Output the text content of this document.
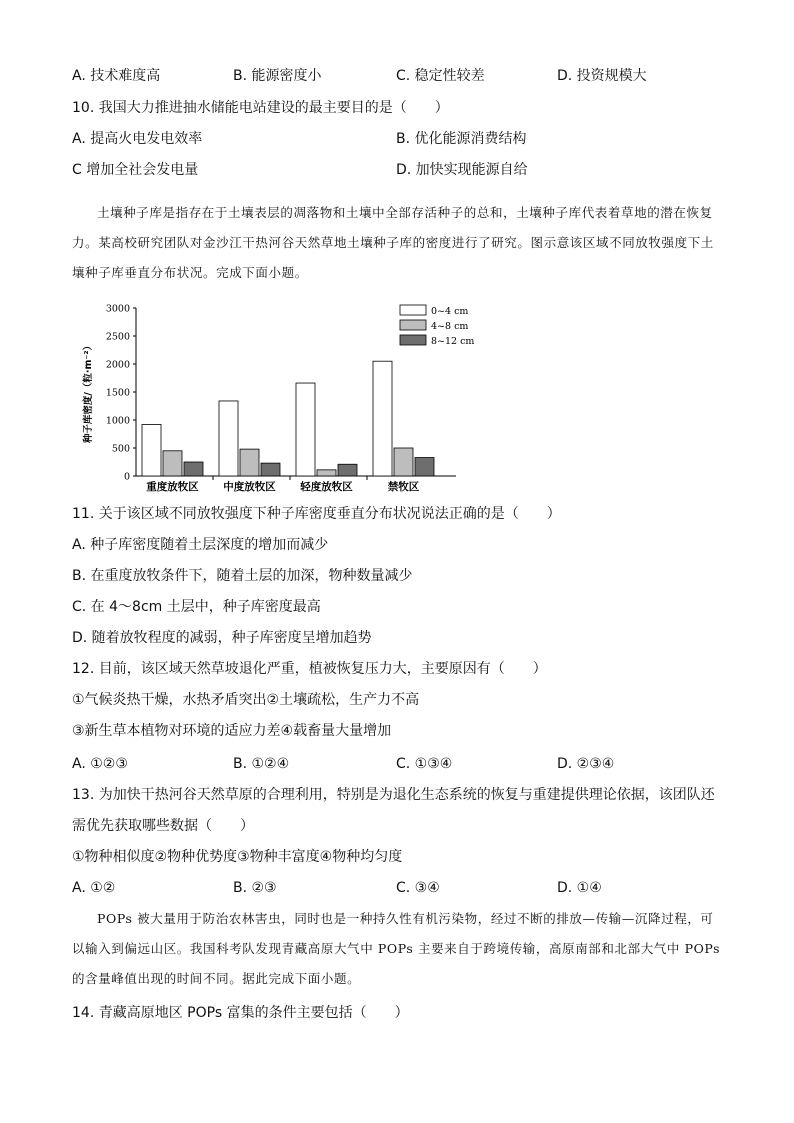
A. 技术难度高	B. 能源密度小	C. 稳定性较差	D. 投资规模大
10. 我国大力推进抽水储能电站建设的最主要目的是（　　）
A. 提高火电发电效率	B. 优化能源消费结构
C 增加全社会发电量	D. 加快实现能源自给

土壤种子库是指存在于土壤表层的凋落物和土壤中全部存活种子的总和，土壤种子库代表着草地的潜在恢复力。某高校研究团队对金沙江干热河谷天然草地土壤种子库的密度进行了研究。图示意该区域不同放牧强度下土壤种子库垂直分布状况。完成下面小题。

0
500
1000
1500
2000
2500
3000
重度放牧区 中度放牧区 轻度放牧区	禁牧区
0~4 cm
4~8 cm
8~12 cm
种子库密度/（粒·m⁻²）
11. 关于该区域不同放牧强度下种子库密度垂直分布状况说法正确的是（　　）
A. 种子库密度随着土层深度的增加而减少
B. 在重度放牧条件下，随着土层的加深，物种数量减少
C. 在 4～8cm 土层中，种子库密度最高
D. 随着放牧程度的减弱，种子库密度呈增加趋势
12. 目前，该区域天然草坡退化严重，植被恢复压力大，主要原因有（　　）
①气候炎热干燥，水热矛盾突出②土壤疏松，生产力不高
③新生草本植物对环境的适应力差④载畜量大量增加
A. ①②③	B. ①②④	C. ①③④	D. ②③④
13. 为加快干热河谷天然草原的合理利用，特别是为退化生态系统的恢复与重建提供理论依据，该团队还
需优先获取哪些数据（　　）
①物种相似度②物种优势度③物种丰富度④物种均匀度
A. ①②	B. ②③	C. ③④	D. ①④

POPs 被大量用于防治农林害虫，同时也是一种持久性有机污染物，经过不断的排放—传输—沉降过程，可以输入到偏远山区。我国科考队发现青藏高原大气中 POPs 主要来自于跨境传输，高原南部和北部大气中 POPs 的含量峰值出现的时间不同。据此完成下面小题。

14. 青藏高原地区 POPs 富集的条件主要包括（　　）
